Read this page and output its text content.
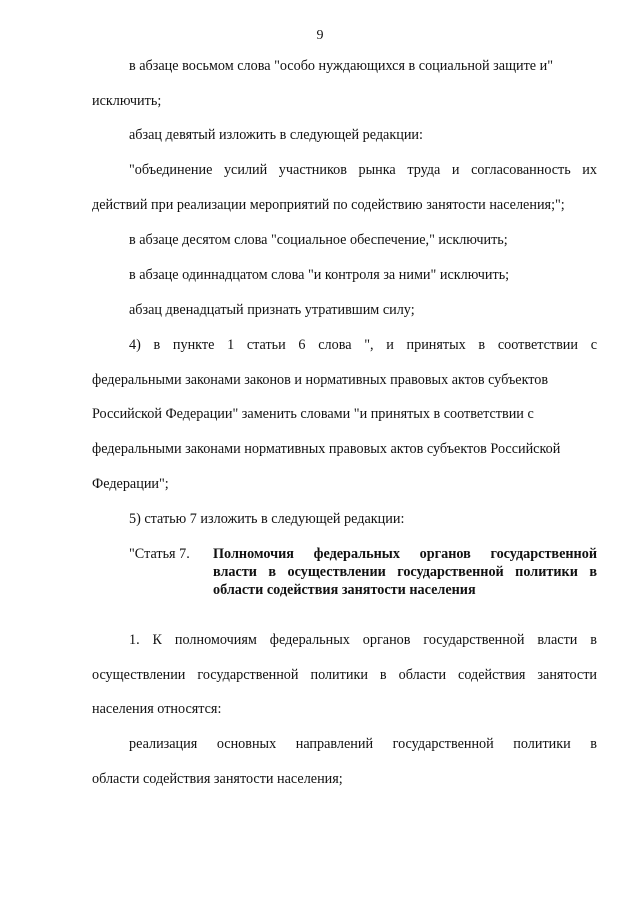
9
в абзаце восьмом слова "особо нуждающихся в социальной защите и"
исключить;
абзац девятый изложить в следующей редакции:
"объединение усилий участников рынка труда и согласованность их
действий при реализации мероприятий по содействию занятости населения;";
в абзаце десятом слова "социальное обеспечение," исключить;
в абзаце одиннадцатом слова "и контроля за ними" исключить;
абзац двенадцатый признать утратившим силу;
4) в пункте 1 статьи 6 слова ", и принятых в соответствии с
федеральными законами законов и нормативных правовых актов субъектов
Российской Федерации" заменить словами "и принятых в соответствии с
федеральными законами нормативных правовых актов субъектов Российской
Федерации";
5) статью 7 изложить в следующей редакции:
"Статья 7. Полномочия федеральных органов государственной
власти в осуществлении государственной политики в
области содействия занятости населения
1. К полномочиям федеральных органов государственной власти в
осуществлении государственной политики в области содействия занятости
населения относятся:
реализация основных направлений государственной политики в
области содействия занятости населения;
